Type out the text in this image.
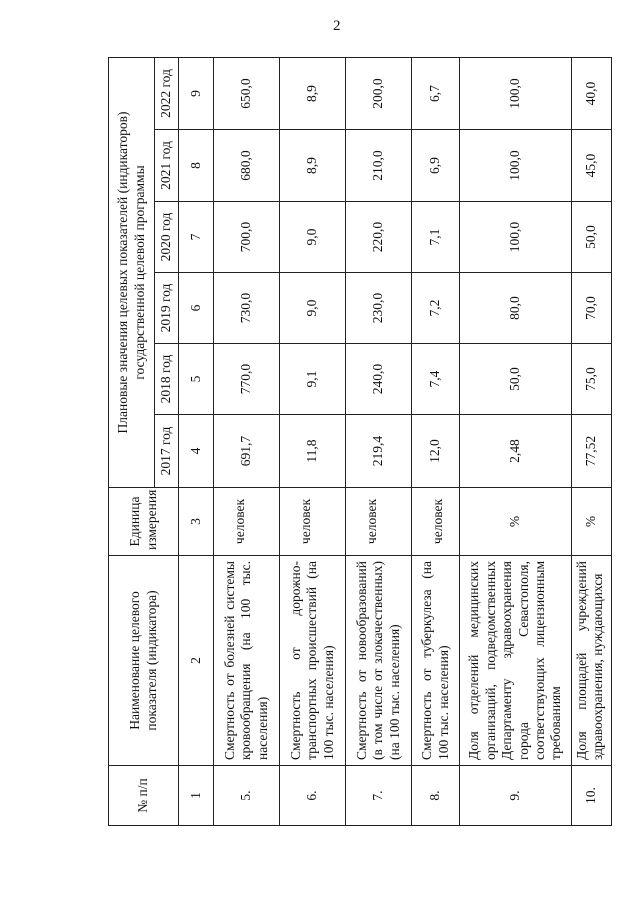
2
№ п/п	Наименование целевого показателя (индикатора)	Единица измерения	Плановые значения целевых показателей (индикаторов) государственной целевой программы					
			2017 год	2018 год	2019 год	2020 год	2021 год	2022 год
1	2	3	4	5	6	7	8	9
5.	Смертность от болезней системы кровообращения (на 100 тыс. населения)	человек	691,7	770,0	730,0	700,0	680,0	650,0
6.	Смертность от дорожно-транспортных происшествий (на 100 тыс. населения)	человек	11,8	9,1	9,0	9,0	8,9	8,9
7.	Смертность от новообразований (в том числе от злокачественных) (на 100 тыс. населения)	человек	219,4	240,0	230,0	220,0	210,0	200,0
8.	Смертность от туберкулеза (на 100 тыс. населения)	человек	12,0	7,4	7,2	7,1	6,9	6,7
9.	Доля отделений медицинских организаций, подведомственных Департаменту здравоохранения города Севастополя, соответствующих лицензионным требованиям	%	2,48	50,0	80,0	100,0	100,0	100,0
10.	Доля площадей учреждений здравоохранения, нуждающихся	%	77,52	75,0	70,0	50,0	45,0	40,0
